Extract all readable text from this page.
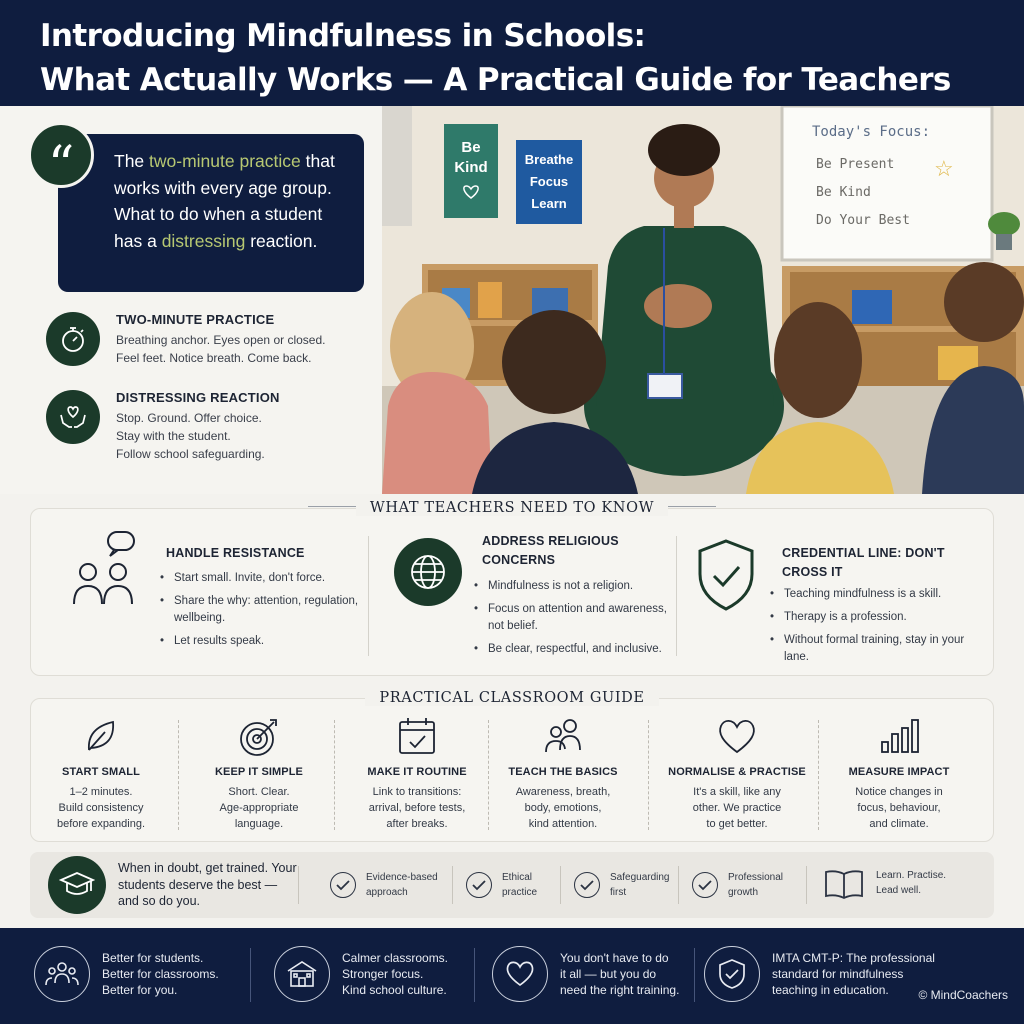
Introducing Mindfulness in Schools:
What Actually Works — A Practical Guide for Teachers
“	The two-minute practice that works with every age group. What to do when a student has a distressing reaction.
TWO-MINUTE PRACTICE
Breathing anchor. Eyes open or closed.
Feel feet. Notice breath. Come back.
DISTRESSING REACTION
Stop. Ground. Offer choice.
Stay with the student.
Follow school safeguarding.
Be
Kind	Breathe
Focus
Learn
Today's Focus:
Be Present
Be Kind
Do Your Best
☆
WHAT TEACHERS NEED TO KNOW
HANDLE RESISTANCE
• Start small. Invite, don't force.
• Share the why: attention, regulation, wellbeing.
• Let results speak.
ADDRESS RELIGIOUS
CONCERNS
• Mindfulness is not a religion.
• Focus on attention and awareness, not belief.
• Be clear, respectful, and inclusive.
CREDENTIAL LINE: DON'T
CROSS IT
• Teaching mindfulness is a skill.
• Therapy is a profession.
• Without formal training, stay in your lane.
PRACTICAL CLASSROOM GUIDE
START SMALL
1–2 minutes.
Build consistency
before expanding.
KEEP IT SIMPLE
Short. Clear.
Age-appropriate
language.
MAKE IT ROUTINE
Link to transitions:
arrival, before tests,
after breaks.
TEACH THE BASICS
Awareness, breath,
body, emotions,
kind attention.
NORMALISE & PRACTISE
It's a skill, like any
other. We practice
to get better.
MEASURE IMPACT
Notice changes in
focus, behaviour,
and climate.
When in doubt, get trained. Your students deserve the best — and so do you.
Evidence-based
approach
Ethical
practice
Safeguarding
first
Professional
growth
Learn. Practise.
Lead well.
Better for students.
Better for classrooms.
Better for you.
Calmer classrooms.
Stronger focus.
Kind school culture.
You don't have to do
it all — but you do
need the right training.
IMTA CMT-P: The professional
standard for mindfulness
teaching in education.	© MindCoachers
